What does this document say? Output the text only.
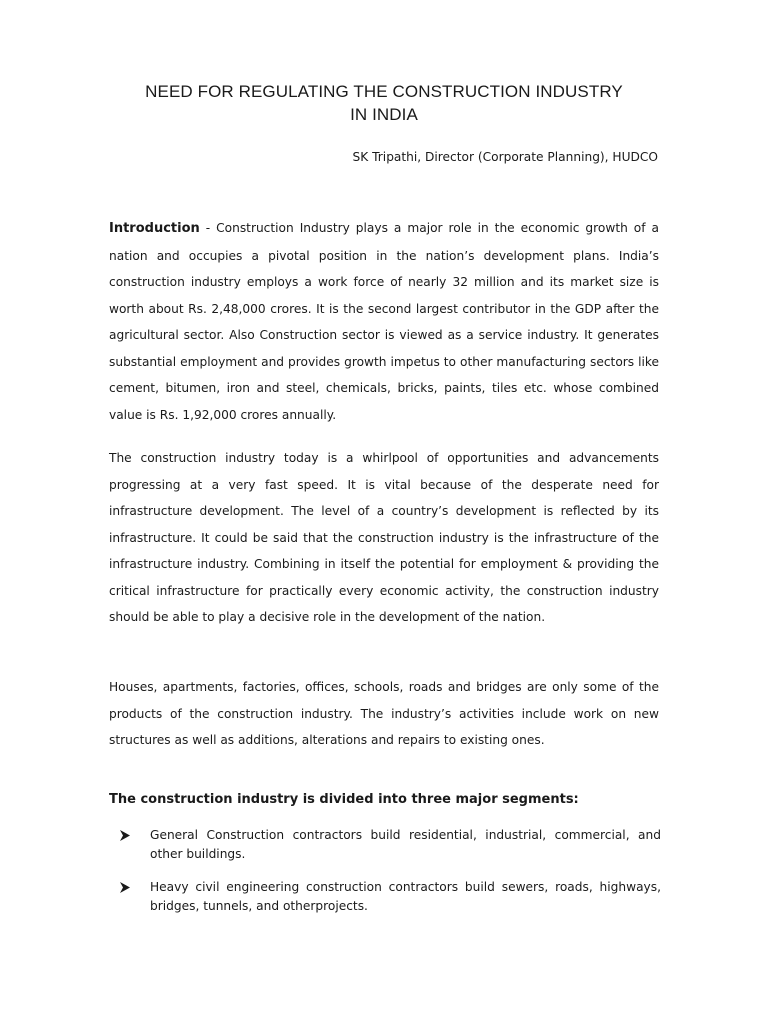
NEED FOR REGULATING THE CONSTRUCTION INDUSTRY
IN INDIA

SK Tripathi, Director (Corporate Planning), HUDCO

Introduction - Construction Industry plays a major role in the economic growth of a nation and occupies a pivotal position in the nation’s development plans. India’s construction industry employs a work force of nearly 32 million and its market size is worth about Rs. 2,48,000 crores. It is the second largest contributor in the GDP after the agricultural sector. Also Construction sector is viewed as a service industry. It generates substantial employment and provides growth impetus to other manufacturing sectors like cement, bitumen, iron and steel, chemicals, bricks, paints, tiles etc. whose combined value is Rs. 1,92,000 crores annually.

The construction industry today is a whirlpool of opportunities and advancements progressing at a very fast speed. It is vital because of the desperate need for infrastructure development. The level of a country’s development is reflected by its infrastructure. It could be said that the construction industry is the infrastructure of the infrastructure industry. Combining in itself the potential for employment & providing the critical infrastructure for practically every economic activity, the construction industry should be able to play a decisive role in the development of the nation.

Houses, apartments, factories, offices, schools, roads and bridges are only some of the products of the construction industry. The industry’s activities include work on new structures as well as additions, alterations and repairs to existing ones.

The construction industry is divided into three major segments:

General Construction contractors build residential, industrial, commercial, and other buildings.
Heavy civil engineering construction contractors build sewers, roads, highways, bridges, tunnels, and otherprojects.
